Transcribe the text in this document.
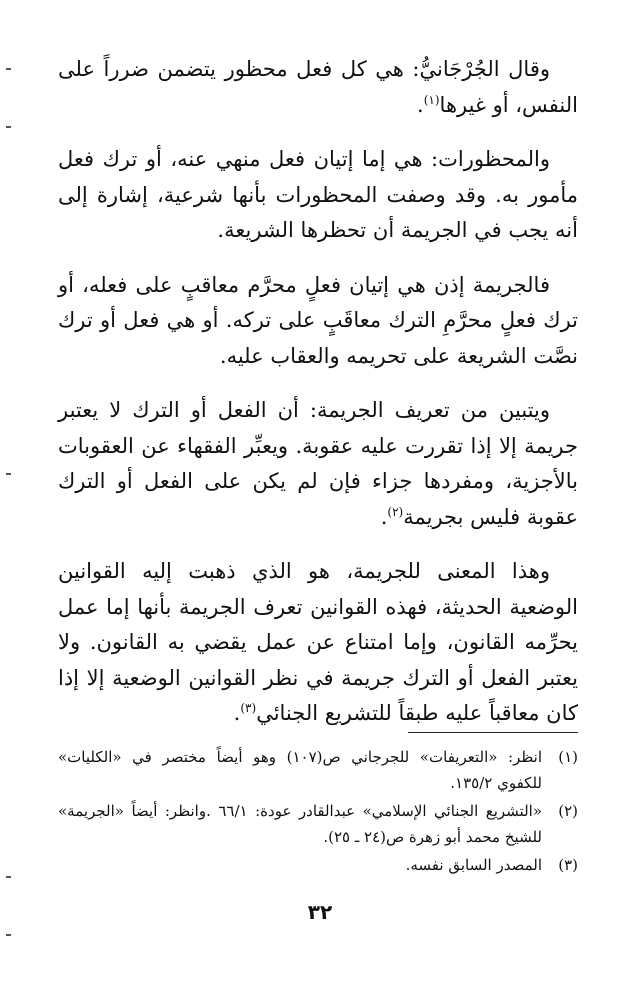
وقال الجُرْجَانيُّ: هي كل فعل محظور يتضمن ضرراً على النفس، أو غيرها$^{(١)}$.

والمحظورات: هي إما إتيان فعل منهي عنه، أو ترك فعل مأمور به. وقد وصفت المحظورات بأنها شرعية، إشارة إلى أنه يجب في الجريمة أن تحظرها الشريعة.

فالجريمة إذن هي إتيان فعلٍ محرَّم معاقبٍ على فعله، أو ترك فعلٍ محرَّمِ الترك معاقَبٍ على تركه. أو هي فعل أو ترك نصَّت الشريعة على تحريمه والعقاب عليه.

ويتبين من تعريف الجريمة: أن الفعل أو الترك لا يعتبر جريمة إلا إذا تقررت عليه عقوبة. ويعبِّر الفقهاء عن العقوبات بالأجزية، ومفردها جزاء فإن لم يكن على الفعل أو الترك عقوبة فليس بجريمة$^{(٢)}$.

وهذا المعنى للجريمة، هو الذي ذهبت إليه القوانين الوضعية الحديثة، فهذه القوانين تعرف الجريمة بأنها إما عمل يحرِّمه القانون، وإما امتناع عن عمل يقضي به القانون. ولا يعتبر الفعل أو الترك جريمة في نظر القوانين الوضعية إلا إذا كان معاقباً عليه طبقاً للتشريع الجنائي$^{(٣)}$.

(١)
انظر: «التعريفات» للجرجاني ص(١٠٧) وهو أيضاً مختصر في «الكليات» للكفوي ١٣٥/٢.
(٢)
«التشريع الجنائي الإسلامي» عبدالقادر عودة: ٦٦/١ .وانظر: أيضاً «الجريمة» للشيخ محمد أبو زهرة ص(٢٤ ـ ٢٥).
(٣)
المصدر السابق نفسه.
٣٢
